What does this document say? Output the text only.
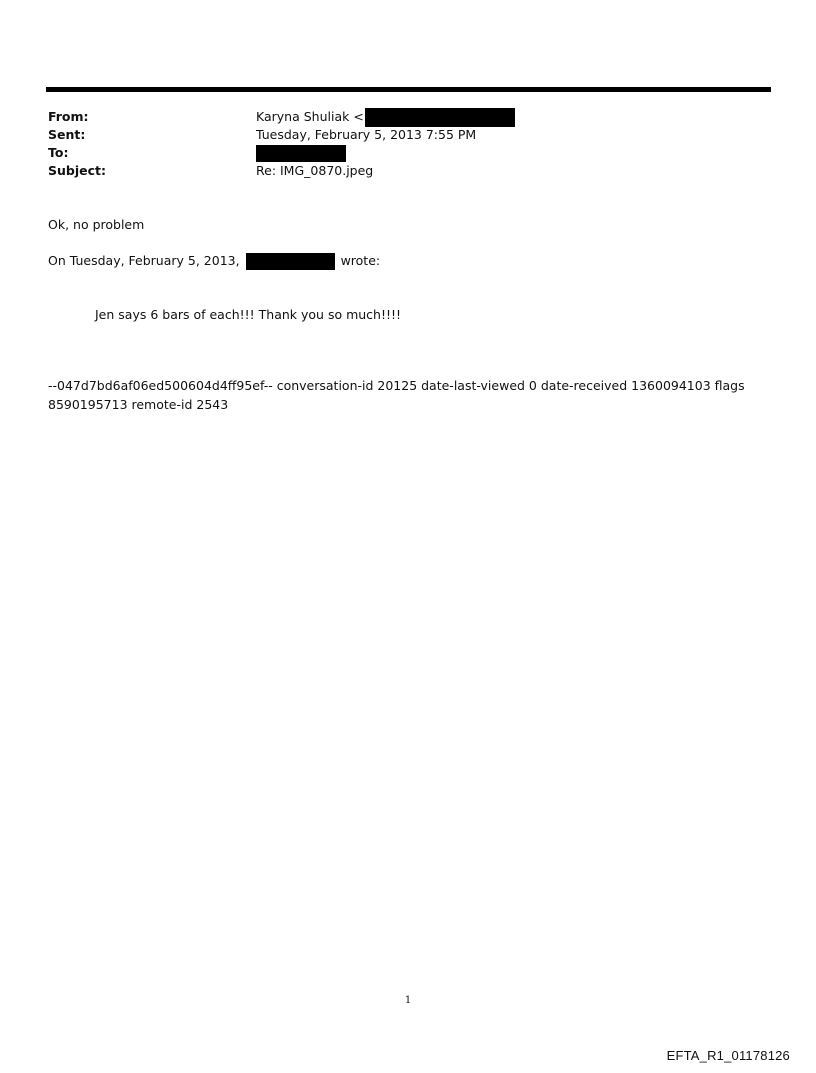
From:	Karyna Shuliak <
Sent:	Tuesday, February 5, 2013 7:55 PM
To:
Subject:	Re: IMG_0870.jpeg
Ok, no problem
On Tuesday, February 5, 2013,	wrote:
Jen says 6 bars of each!!! Thank you so much!!!!
--047d7bd6af06ed500604d4ff95ef-- conversation-id 20125 date-last-viewed 0 date-received 1360094103 flags 8590195713 remote-id 2543
1
EFTA_R1_01178126
